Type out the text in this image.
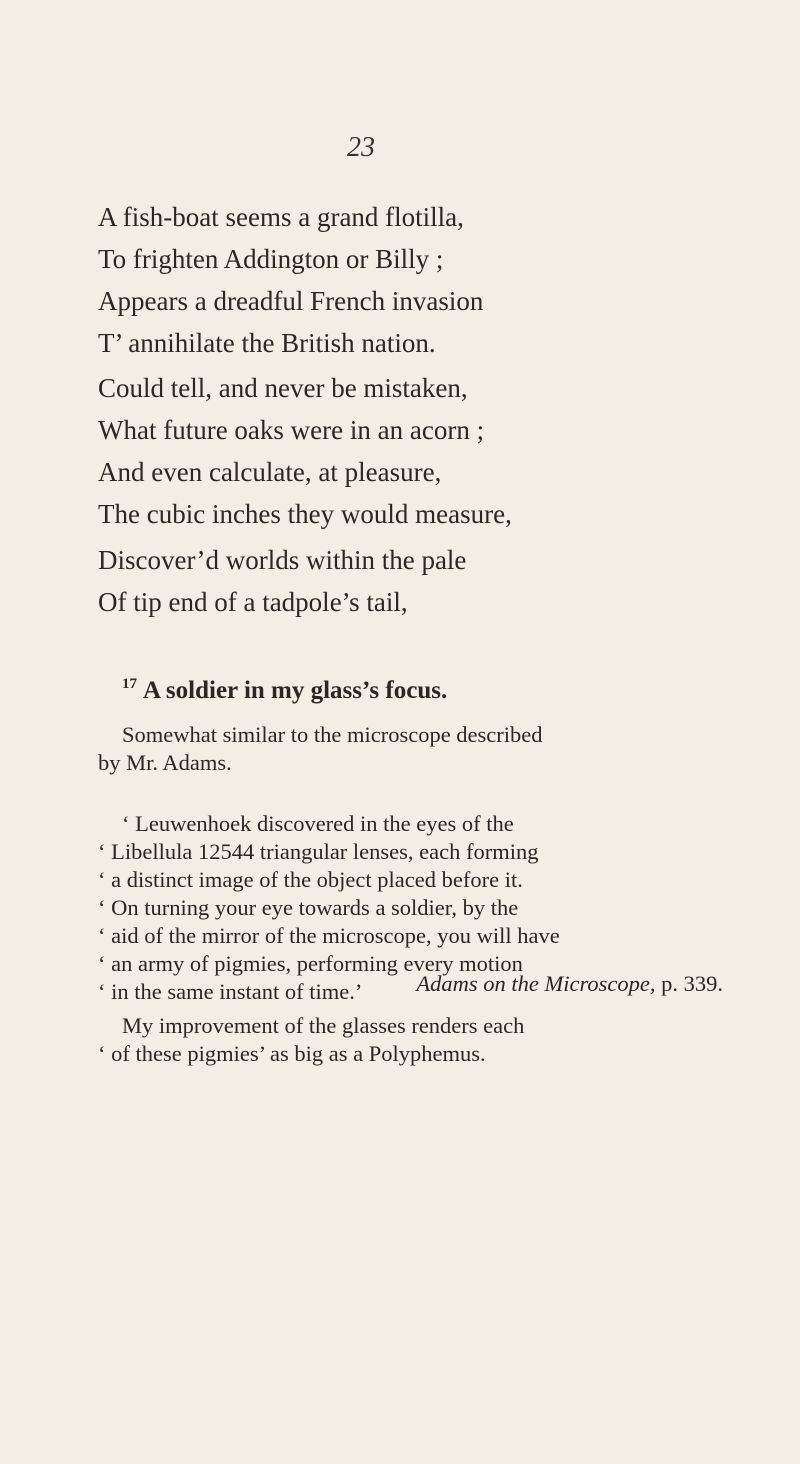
23
A fish-boat seems a grand flotilla,
To frighten Addington or Billy ;
Appears a dreadful French invasion
T’ annihilate the British nation.
Could tell, and never be mistaken,
What future oaks were in an acorn ;
And even calculate, at pleasure,
The cubic inches they would measure,
Discover’d worlds within the pale
Of tip end of a tadpole’s tail,
$^{17}$ A soldier in my glass’s focus.
Somewhat similar to the microscope described
by Mr. Adams.
‘ Leuwenhoek discovered in the eyes of the
‘ Libellula 12544 triangular lenses, each forming
‘ a distinct image of the object placed before it.
‘ On turning your eye towards a soldier, by the
‘ aid of the mirror of the microscope, you will have
‘ an army of pigmies, performing every motion
‘ in the same instant of time.’	Adams on the Microscope, p. 339.
My improvement of the glasses renders each
‘ of these pigmies’ as big as a Polyphemus.
